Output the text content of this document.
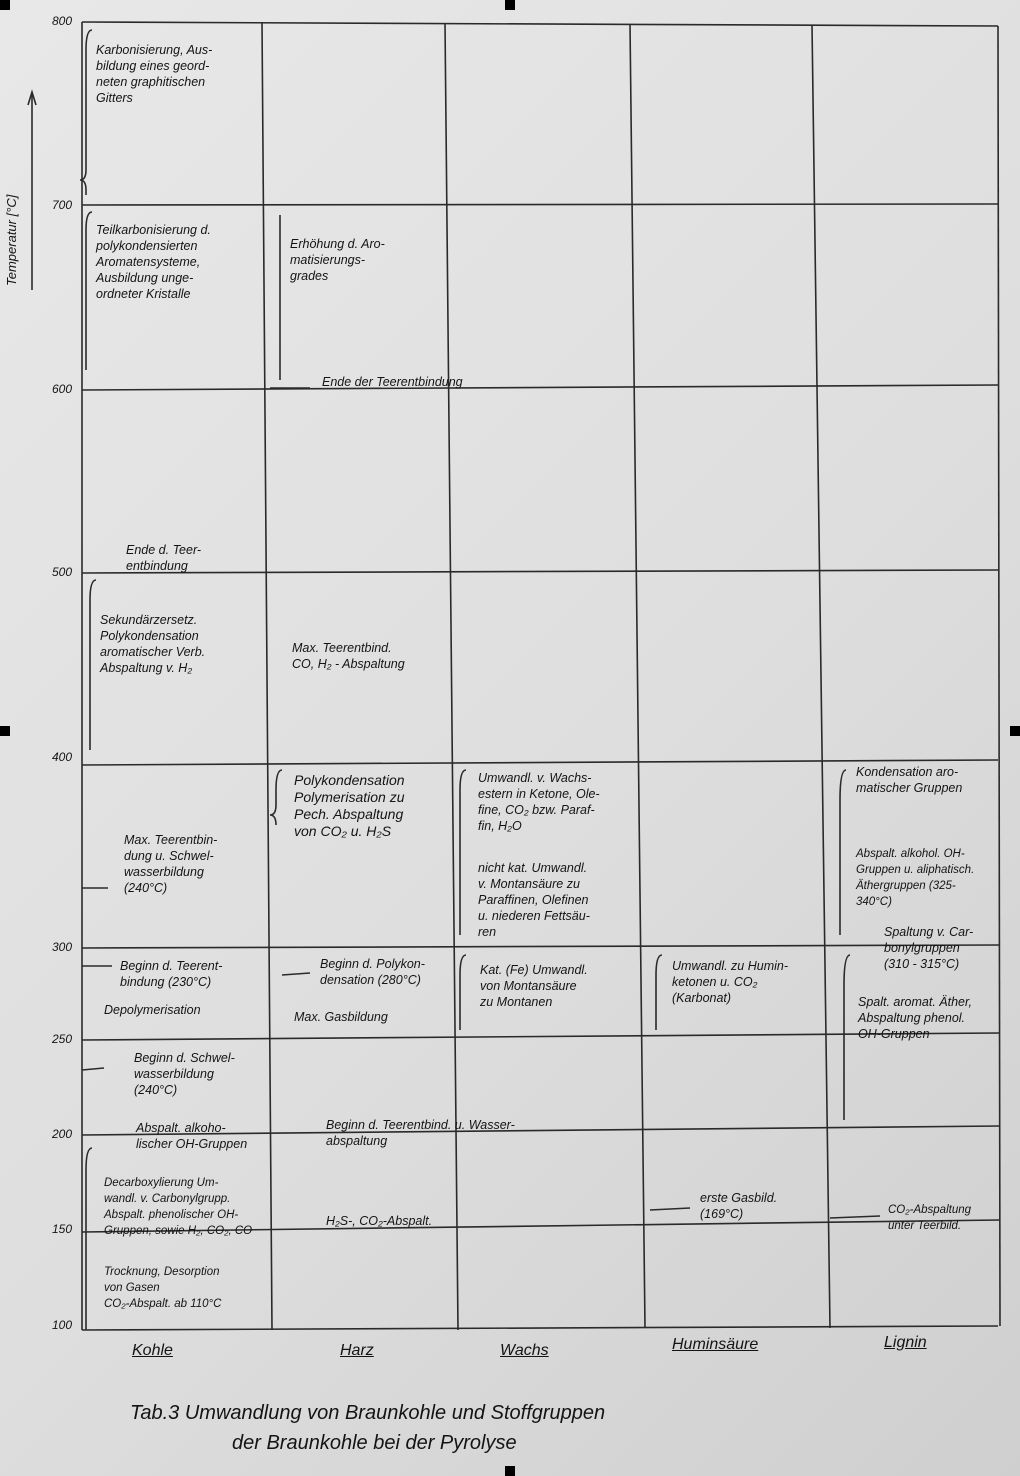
Temperatur [°C]
800
700
600
500
400
300
250
200
150
100
Karbonisierung, Aus-
bildung eines geord-
neten graphitischen
Gitters
Teilkarbonisierung d.
polykondensierten
Aromatensysteme,
Ausbildung unge-
ordneter Kristalle
Ende d. Teer-
entbindung
Sekundärzersetz.
Polykondensation
aromatischer Verb.
Abspaltung v. H₂
Max. Teerentbin-
dung u. Schwel-
wasserbildung
(240°C)
Beginn d. Teerent-
bindung (230°C)
Depolymerisation
Beginn d. Schwel-
wasserbildung
(240°C)
Abspalt. alkoho-
lischer OH-Gruppen
Decarboxylierung Um-
wandl. v. Carbonylgrupp.
Abspalt. phenolischer OH-
Gruppen, sowie H₂, CO₂, CO
Trocknung, Desorption
von Gasen
CO₂-Abspalt. ab 110°C
Erhöhung d. Aro-
matisierungs-
grades
Ende der Teerentbindung
Max. Teerentbind.
CO, H₂ - Abspaltung
Polykondensation
Polymerisation zu
Pech. Abspaltung
von CO₂ u. H₂S
Beginn d. Polykon-
densation (280°C)
Max. Gasbildung
Beginn d. Teerentbind. u. Wasser-
abspaltung
H₂S-, CO₂-Abspalt.
Umwandl. v. Wachs-
estern in Ketone, Ole-
fine, CO₂ bzw. Paraf-
fin, H₂O
nicht kat. Umwandl.
v. Montansäure zu
Paraffinen, Olefinen
u. niederen Fettsäu-
ren
Kat. (Fe) Umwandl.
von Montansäure
zu Montanen
Umwandl. zu Humin-
ketonen u. CO₂
(Karbonat)
erste Gasbild.
(169°C)
Kondensation aro-
matischer Gruppen
Abspalt. alkohol. OH-
Gruppen u. aliphatisch.
Äthergruppen (325-
340°C)
Spaltung v. Car-
bonylgruppen
(310 - 315°C)
Spalt. aromat. Äther,
Abspaltung phenol.
OH-Gruppen
CO₂-Abspaltung
unter Teerbild.
Kohle	Harz	Wachs	Huminsäure	Lignin
Tab.3 Umwandlung von Braunkohle und Stoffgruppen
der Braunkohle bei der Pyrolyse
